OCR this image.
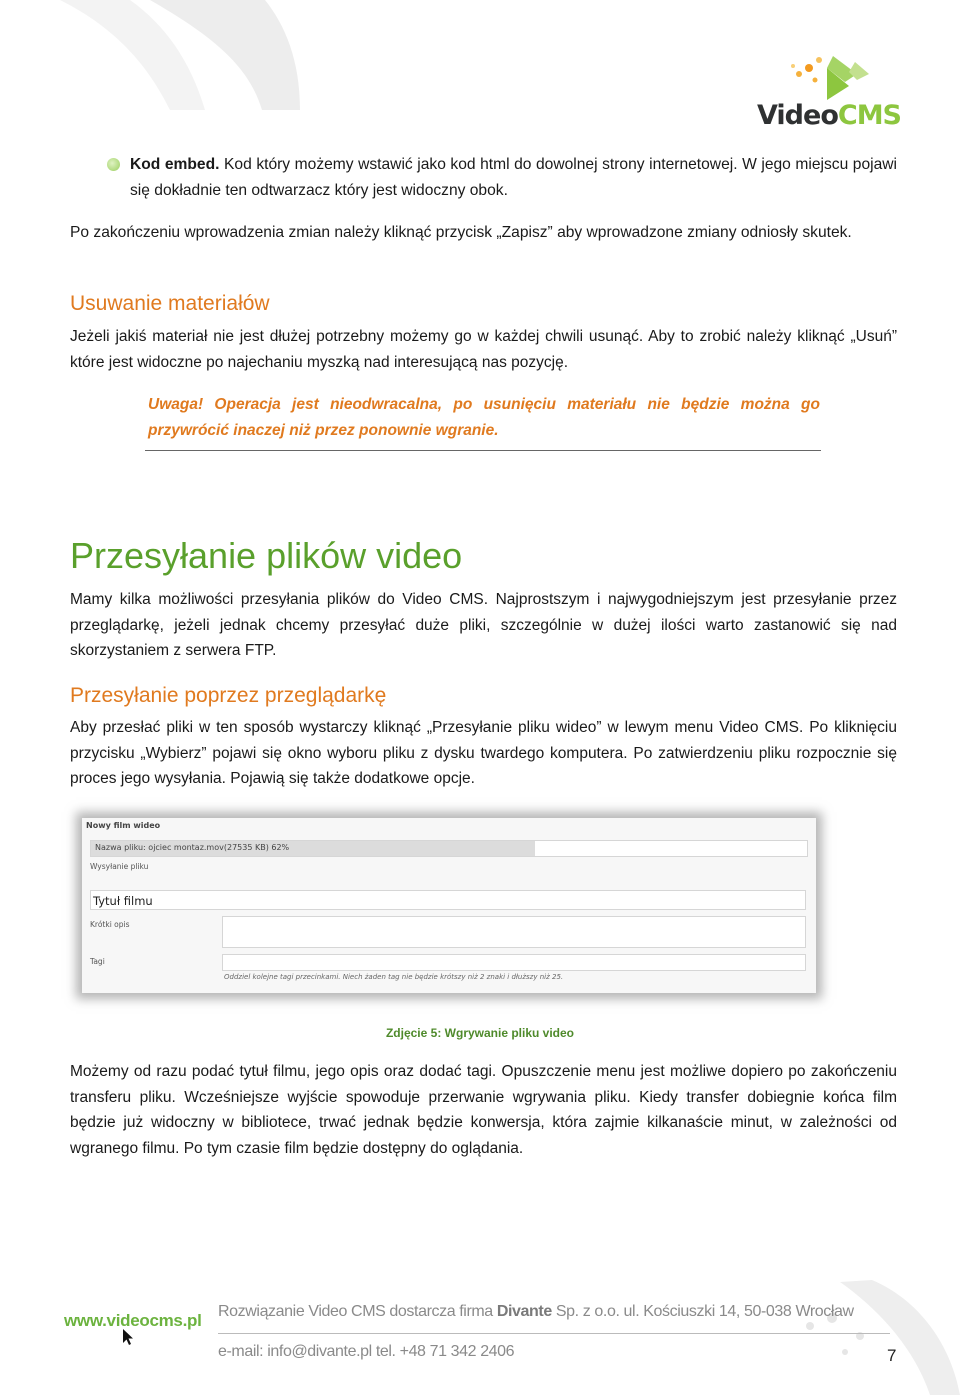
VideoCMS
Kod embed. Kod który możemy wstawić jako kod html do dowolnej strony internetowej. W jego miejscu pojawi się dokładnie ten odtwarzacz który jest widoczny obok.
Po zakończeniu wprowadzenia zmian należy kliknąć przycisk „Zapisz” aby wprowadzone zmiany odniosły skutek.
Usuwanie materiałów
Jeżeli jakiś materiał nie jest dłużej potrzebny możemy go w każdej chwili usunąć. Aby to zrobić należy kliknąć „Usuń” które jest widoczne po najechaniu myszką nad interesującą nas pozycję.
Uwaga! Operacja jest nieodwracalna, po usunięciu materiału nie będzie można go przywrócić inaczej niż przez ponownie wgranie.
Przesyłanie plików video
Mamy kilka możliwości przesyłania plików do Video CMS. Najprostszym i najwygodniejszym jest przesyłanie przez przeglądarkę, jeżeli jednak chcemy przesyłać duże pliki, szczególnie w dużej ilości warto zastanowić się nad skorzystaniem z serwera FTP.
Przesyłanie poprzez przeglądarkę
Aby przesłać pliki w ten sposób wystarczy kliknąć „Przesyłanie pliku wideo” w lewym menu Video CMS. Po kliknięciu przycisku „Wybierz” pojawi się okno wyboru pliku z dysku twardego komputera. Po zatwierdzeniu pliku rozpocznie się proces jego wysyłania. Pojawią się także dodatkowe opcje.
Nowy film wideo
Nazwa pliku: ojciec montaz.mov(27535 KB) 62%
Wysyłanie pliku
Tytuł filmu
Krótki opis
Tagi
Oddziel kolejne tagi przecinkami. Niech żaden tag nie będzie krótszy niż 2 znaki i dłuższy niż 25.
Zdjęcie 5: Wgrywanie pliku video
Możemy od razu podać tytuł filmu, jego opis oraz dodać tagi. Opuszczenie menu jest możliwe dopiero po zakończeniu transferu pliku. Wcześniejsze wyjście spowoduje przerwanie wgrywania pliku. Kiedy transfer dobiegnie końca film będzie już widoczny w bibliotece, trwać jednak będzie konwersja, która zajmie kilkanaście minut, w zależności od wgranego filmu. Po tym czasie film będzie dostępny do oglądania.
www.videocms.pl Rozwiązanie Video CMS dostarcza firma Divante Sp. z o.o. ul. Kościuszki 14, 50-038 Wrocław
e-mail: info@divante.pl tel. +48 71 342 2406	7
